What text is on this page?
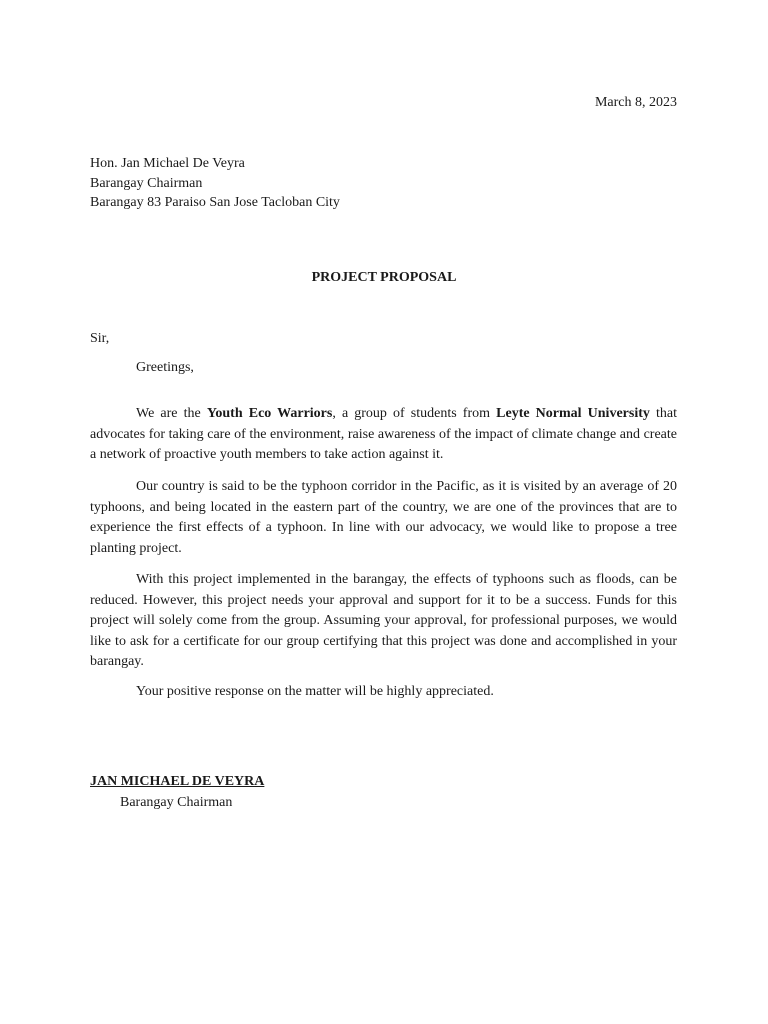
March 8, 2023
Hon. Jan Michael De Veyra
Barangay Chairman
Barangay 83 Paraiso San Jose Tacloban City
PROJECT PROPOSAL
Sir,
Greetings,

We are the Youth Eco Warriors, a group of students from Leyte Normal University that advocates for taking care of the environment, raise awareness of the impact of climate change and create a network of proactive youth members to take action against it.

Our country is said to be the typhoon corridor in the Pacific, as it is visited by an average of 20 typhoons, and being located in the eastern part of the country, we are one of the provinces that are to experience the first effects of a typhoon. In line with our advocacy, we would like to propose a tree planting project.

With this project implemented in the barangay, the effects of typhoons such as floods, can be reduced. However, this project needs your approval and support for it to be a success. Funds for this project will solely come from the group. Assuming your approval, for professional purposes, we would like to ask for a certificate for our group certifying that this project was done and accomplished in your barangay.

Your positive response on the matter will be highly appreciated.

JAN MICHAEL DE VEYRA
Barangay Chairman
